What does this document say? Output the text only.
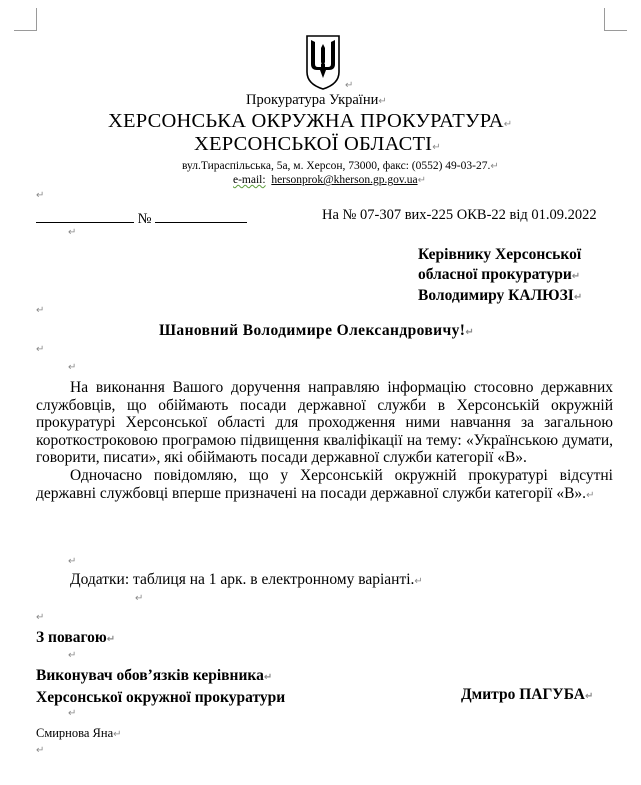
↵
Прокуратура України↵
ХЕРСОНСЬКА ОКРУЖНА ПРОКУРАТУРА↵
ХЕРСОНСЬКОЇ ОБЛАСТІ↵
вул.Тираспільська, 5а, м. Херсон, 73000, факс: (0552) 49-03-27.↵
e-mail: hersonprok@kherson.gp.gov.ua↵
↵
№	На № 07-307 вих-225 ОКВ-22 від 01.09.2022
↵
Керівнику Херсонської
обласної прокуратури↵
Володимиру КАЛЮЗІ↵
↵
Шановний Володимире Олександровичу!↵
↵
↵

На виконання Вашого доручення направляю інформацію стосовно державних службовців, що обіймають посади державної служби в Херсонській окружній прокуратурі Херсонської області для проходження ними навчання за загальною короткостроковою програмою підвищення кваліфікації на тему: «Українською думати, говорити, писати», які обіймають посади державної служби категорії «В».

Одночасно повідомляю, що у Херсонській окружній прокуратурі відсутні державні службовці вперше призначені на посади державної служби категорії «В».↵

↵
Додатки: таблиця на 1 арк. в електронному варіанті.↵
↵
↵
З повагою↵
↵
Виконувач обов’язків керівника↵
Херсонської окружної прокуратури	Дмитро ПАГУБА↵
↵
Смирнова Яна↵
↵
